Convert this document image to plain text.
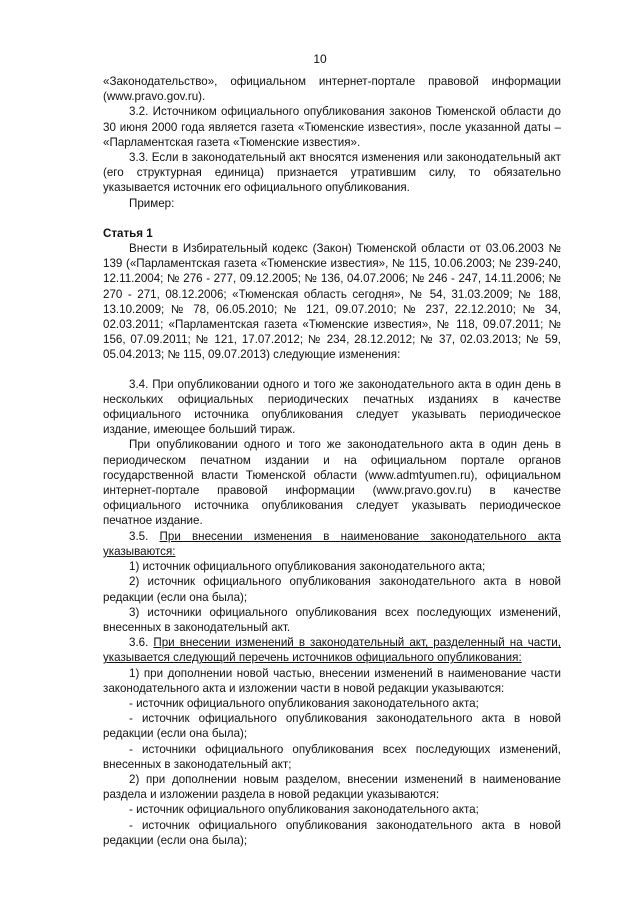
10

«Законодательство», официальном интернет-портале правовой информации (www.pravo.gov.ru).

3.2. Источником официального опубликования законов Тюменской области до 30 июня 2000 года является газета «Тюменские известия», после указанной даты – «Парламентская газета «Тюменские известия».

3.3. Если в законодательный акт вносятся изменения или законодательный акт (его структурная единица) признается утратившим силу, то обязательно указывается источник его официального опубликования.

Пример:

Статья 1

Внести в Избирательный кодекс (Закон) Тюменской области от 03.06.2003 № 139 («Парламентская газета «Тюменские известия», № 115, 10.06.2003; № 239-240, 12.11.2004; № 276 - 277, 09.12.2005; № 136, 04.07.2006; № 246 - 247, 14.11.2006; № 270 - 271, 08.12.2006; «Тюменская область сегодня», № 54, 31.03.2009; № 188, 13.10.2009; № 78, 06.05.2010; № 121, 09.07.2010; № 237, 22.12.2010; № 34, 02.03.2011; «Парламентская газета «Тюменские известия», № 118, 09.07.2011; № 156, 07.09.2011; № 121, 17.07.2012; № 234, 28.12.2012; № 37, 02.03.2013; № 59, 05.04.2013; № 115, 09.07.2013) следующие изменения:

3.4. При опубликовании одного и того же законодательного акта в один день в нескольких официальных периодических печатных изданиях в качестве официального источника опубликования следует указывать периодическое издание, имеющее больший тираж.

При опубликовании одного и того же законодательного акта в один день в периодическом печатном издании и на официальном портале органов государственной власти Тюменской области (www.admtyumen.ru), официальном интернет-портале правовой информации (www.pravo.gov.ru) в качестве официального источника опубликования следует указывать периодическое печатное издание.

3.5. При внесении изменения в наименование законодательного акта указываются:

1) источник официального опубликования законодательного акта;

2) источник официального опубликования законодательного акта в новой редакции (если она была);

3) источники официального опубликования всех последующих изменений, внесенных в законодательный акт.

3.6. При внесении изменений в законодательный акт, разделенный на части, указывается следующий перечень источников официального опубликования:

1) при дополнении новой частью, внесении изменений в наименование части законодательного акта и изложении части в новой редакции указываются:

- источник официального опубликования законодательного акта;

- источник официального опубликования законодательного акта в новой редакции (если она была);

- источники официального опубликования всех последующих изменений, внесенных в законодательный акт;

2) при дополнении новым разделом, внесении изменений в наименование раздела и изложении раздела в новой редакции указываются:

- источник официального опубликования законодательного акта;

- источник официального опубликования законодательного акта в новой редакции (если она была);
